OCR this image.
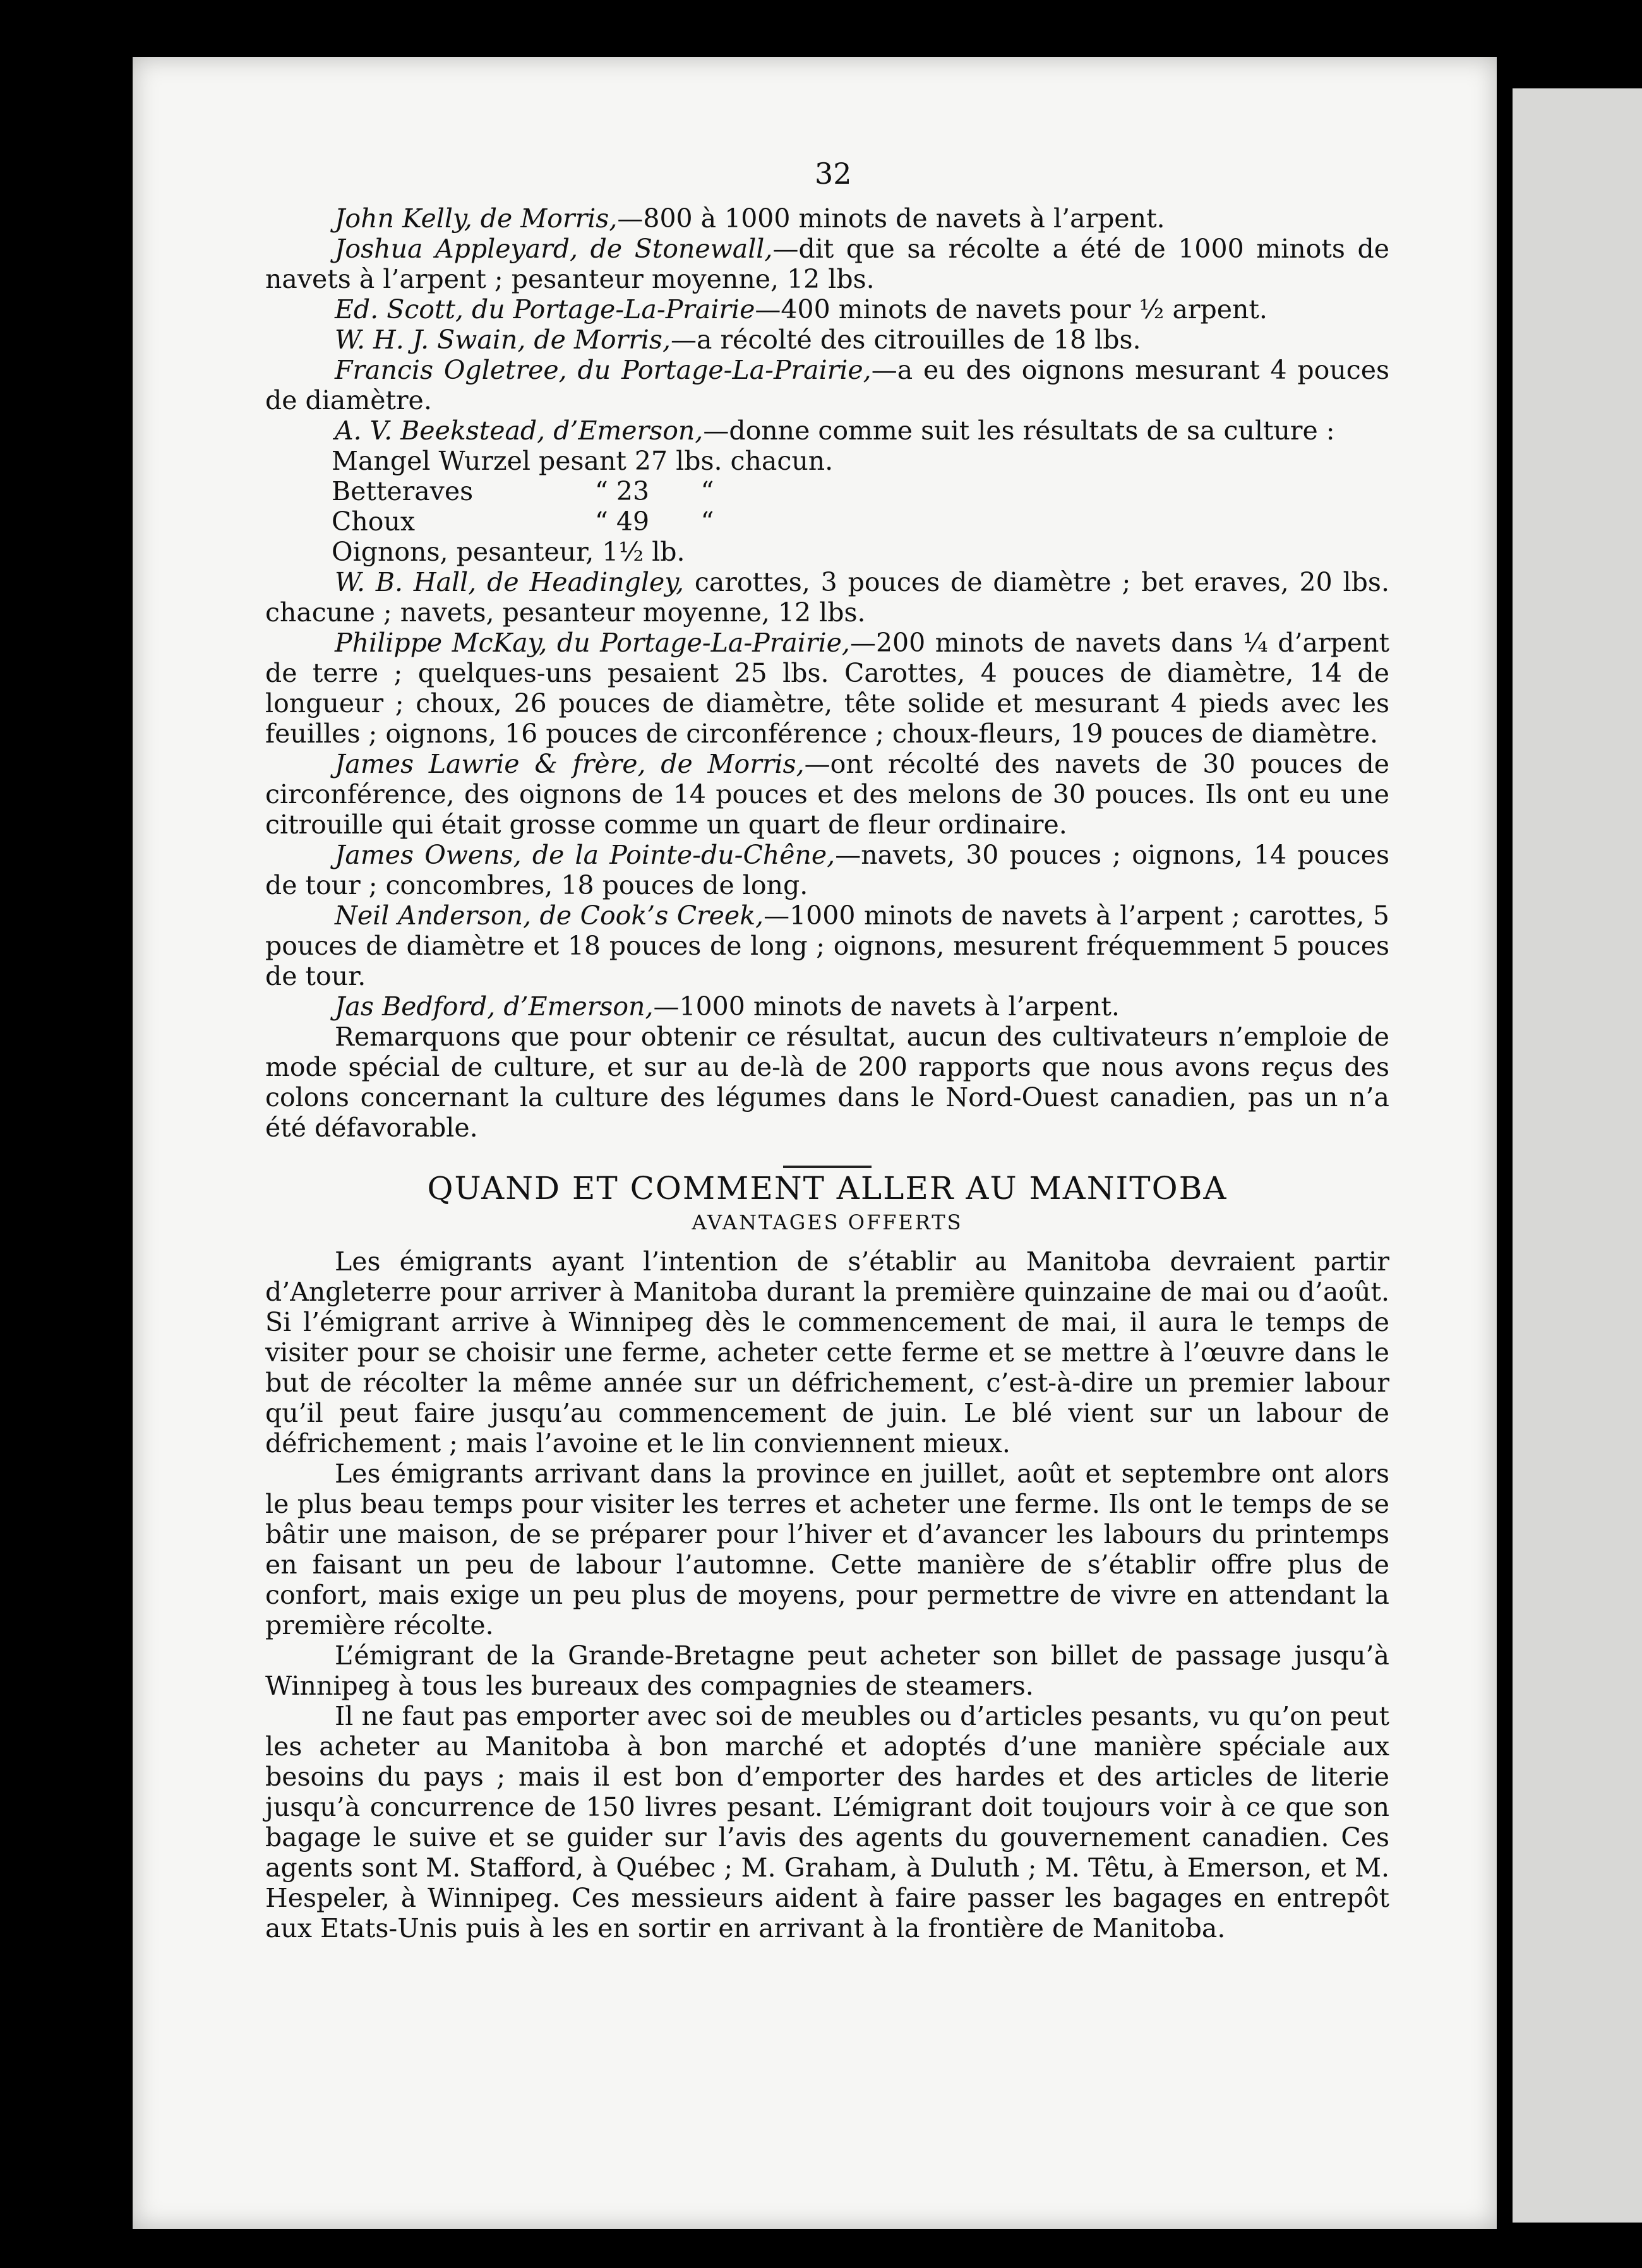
32

John Kelly, de Morris,—800 à 1000 minots de navets à l’arpent.

Joshua Appleyard, de Stonewall,—dit que sa récolte a été de 1000 minots de navets à l’arpent ; pesanteur moyenne, 12 lbs.

Ed. Scott, du Portage-La-Prairie—400 minots de navets pour ½ arpent.

W. H. J. Swain, de Morris,—a récolté des citrouilles de 18 lbs.

Francis Ogletree, du Portage-La-Prairie,—a eu des oignons mesurant 4 pouces de diamètre.

A. V. Beekstead, d’Emerson,—donne comme suit les résultats de sa culture :

Mangel Wurzel pesant 27 lbs. chacun.
Betteraves	“ 23	“
Choux	“ 49	“
Oignons, pesanteur, 1½ lb.

W. B. Hall, de Headingley, carottes, 3 pouces de diamètre ; bet eraves, 20 lbs. chacune ; navets, pesanteur moyenne, 12 lbs.

Philippe McKay, du Portage-La-Prairie,—200 minots de navets dans ¼ d’arpent de terre ; quelques-uns pesaient 25 lbs. Carottes, 4 pouces de diamètre, 14 de longueur ; choux, 26 pouces de diamètre, tête solide et mesurant 4 pieds avec les feuilles ; oignons, 16 pouces de circonférence ; choux-fleurs, 19 pouces de diamètre.

James Lawrie & frère, de Morris,—ont récolté des navets de 30 pouces de circonférence, des oignons de 14 pouces et des melons de 30 pouces. Ils ont eu une citrouille qui était grosse comme un quart de fleur ordinaire.

James Owens, de la Pointe-du-Chêne,—navets, 30 pouces ; oignons, 14 pouces de tour ; concombres, 18 pouces de long.

Neil Anderson, de Cook’s Creek,—1000 minots de navets à l’arpent ; carottes, 5 pouces de diamètre et 18 pouces de long ; oignons, mesurent fréquemment 5 pouces de tour.

Jas Bedford, d’Emerson,—1000 minots de navets à l’arpent.

Remarquons que pour obtenir ce résultat, aucun des cultivateurs n’emploie de mode spécial de culture, et sur au de-là de 200 rapports que nous avons reçus des colons concernant la culture des légumes dans le Nord-Ouest canadien, pas un n’a été défavorable.

QUAND ET COMMENT ALLER AU MANITOBA
AVANTAGES OFFERTS

Les émigrants ayant l’intention de s’établir au Manitoba devraient partir d’Angleterre pour arriver à Manitoba durant la première quinzaine de mai ou d’août. Si l’émigrant arrive à Winnipeg dès le commencement de mai, il aura le temps de visiter pour se choisir une ferme, acheter cette ferme et se mettre à l’œuvre dans le but de récolter la même année sur un défrichement, c’est-à-dire un premier labour qu’il peut faire jusqu’au commencement de juin. Le blé vient sur un labour de défrichement ; mais l’avoine et le lin conviennent mieux.

Les émigrants arrivant dans la province en juillet, août et septembre ont alors le plus beau temps pour visiter les terres et acheter une ferme. Ils ont le temps de se bâtir une maison, de se préparer pour l’hiver et d’avancer les labours du printemps en faisant un peu de labour l’automne. Cette manière de s’établir offre plus de confort, mais exige un peu plus de moyens, pour permettre de vivre en attendant la première récolte.

L’émigrant de la Grande-Bretagne peut acheter son billet de passage jusqu’à Winnipeg à tous les bureaux des compagnies de steamers.

Il ne faut pas emporter avec soi de meubles ou d’articles pesants, vu qu’on peut les acheter au Manitoba à bon marché et adoptés d’une manière spéciale aux besoins du pays ; mais il est bon d’emporter des hardes et des articles de literie jusqu’à concurrence de 150 livres pesant. L’émigrant doit toujours voir à ce que son bagage le suive et se guider sur l’avis des agents du gouvernement canadien. Ces agents sont M. Stafford, à Québec ; M. Graham, à Duluth ; M. Têtu, à Emerson, et M. Hespeler, à Winnipeg. Ces messieurs aident à faire passer les bagages en entrepôt aux Etats-Unis puis à les en sortir en arrivant à la frontière de Manitoba.
